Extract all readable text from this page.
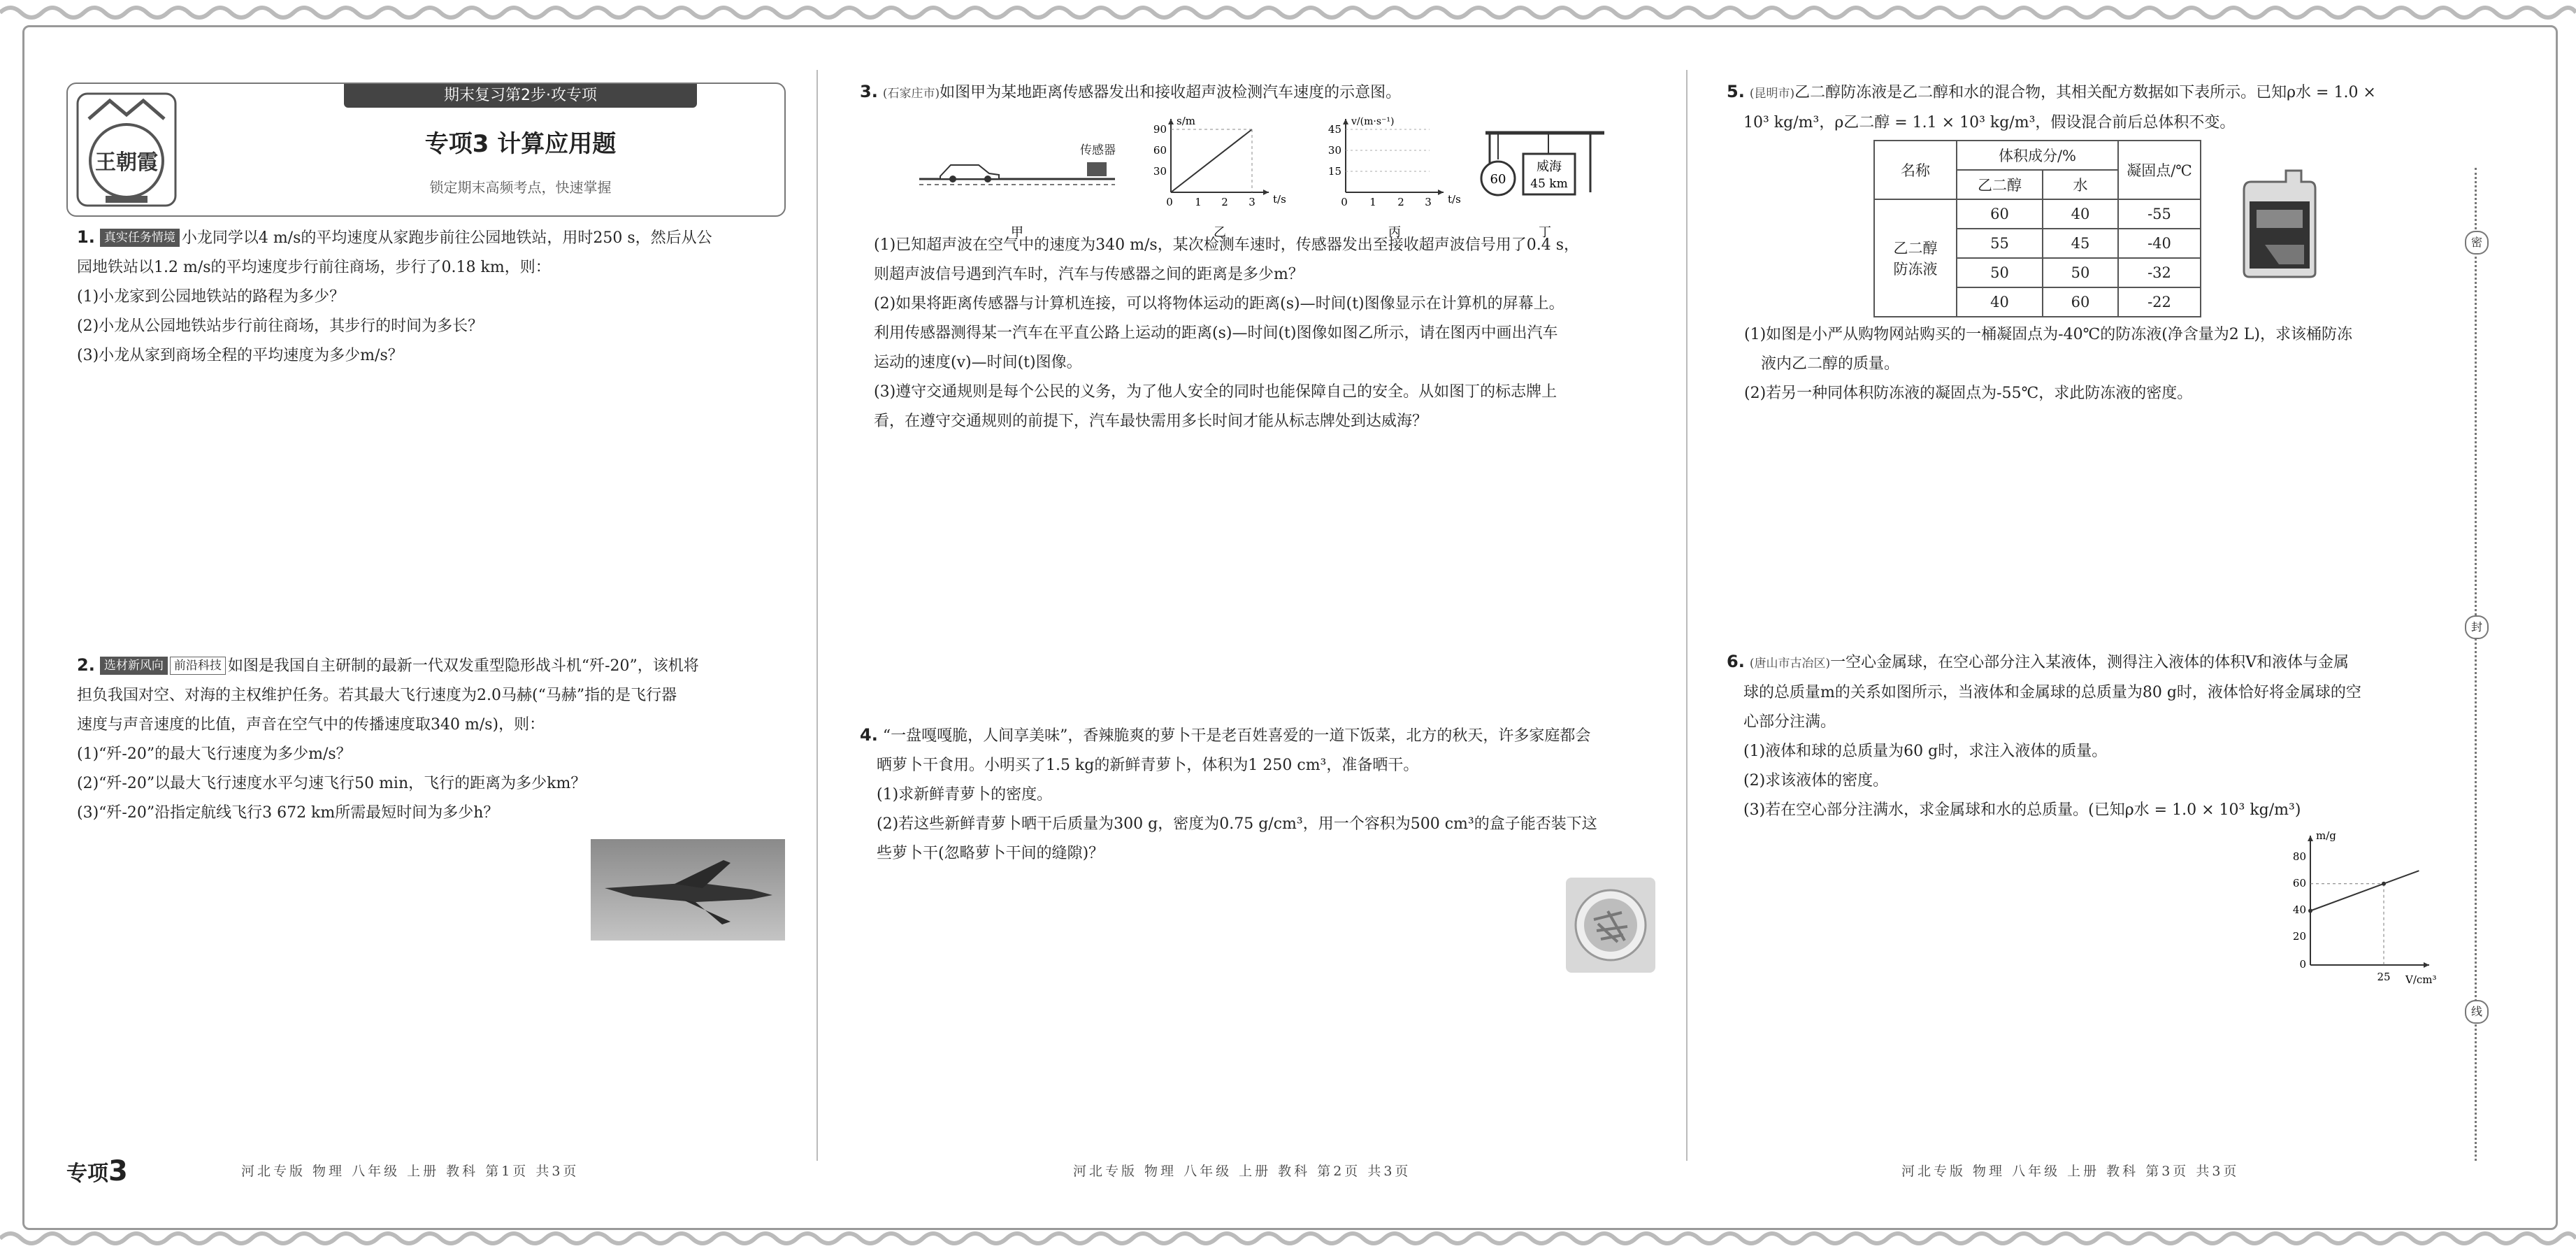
王朝霞
期末复习第2步·攻专项
专项3 计算应用题
锁定期末高频考点，快速掌握

1. 真实任务情境 小龙同学以4 m/s的平均速度从家跑步前往公园地铁站，用时250 s，然后从公

园地铁站以1.2 m/s的平均速度步行前往商场，步行了0.18 km，则：

(1)小龙家到公园地铁站的路程为多少？

(2)小龙从公园地铁站步行前往商场，其步行的时间为多长？

(3)小龙从家到商场全程的平均速度为多少m/s？

2. 选材新风向 前沿科技 如图是我国自主研制的最新一代双发重型隐形战斗机“歼-20”，该机将

担负我国对空、对海的主权维护任务。若其最大飞行速度为2.0马赫(“马赫”指的是飞行器

速度与声音速度的比值，声音在空气中的传播速度取340 m/s)，则：

(1)“歼-20”的最大飞行速度为多少m/s？

(2)“歼-20”以最大飞行速度水平匀速飞行50 min，飞行的距离为多少km？

(3)“歼-20”沿指定航线飞行3 672 km所需最短时间为多少h？

专项3	河北专版 物理 八年级 上册 教科 第1页 共3页

3. (石家庄市)如图甲为某地距离传感器发出和接收超声波检测汽车速度的示意图。

传感器
甲
s/m
t/s
90
60
30
0 1 2 3
乙
v/(m·s⁻¹)
t/s
45
30
15
0 1 2 3
丙
60
威海
45 km
丁

(1)已知超声波在空气中的速度为340 m/s，某次检测车速时，传感器发出至接收超声波信号用了0.4 s，

则超声波信号遇到汽车时，汽车与传感器之间的距离是多少m？

(2)如果将距离传感器与计算机连接，可以将物体运动的距离(s)—时间(t)图像显示在计算机的屏幕上。

利用传感器测得某一汽车在平直公路上运动的距离(s)—时间(t)图像如图乙所示，请在图丙中画出汽车

运动的速度(v)—时间(t)图像。

(3)遵守交通规则是每个公民的义务，为了他人安全的同时也能保障自己的安全。从如图丁的标志牌上

看，在遵守交通规则的前提下，汽车最快需用多长时间才能从标志牌处到达威海？

4. “一盘嘎嘎脆，人间享美味”，香辣脆爽的萝卜干是老百姓喜爱的一道下饭菜，北方的秋天，许多家庭都会

晒萝卜干食用。小明买了1.5 kg的新鲜青萝卜，体积为1 250 cm³，准备晒干。

(1)求新鲜青萝卜的密度。

(2)若这些新鲜青萝卜晒干后质量为300 g，密度为0.75 g/cm³，用一个容积为500 cm³的盒子能否装下这

些萝卜干(忽略萝卜干间的缝隙)？

河北专版 物理 八年级 上册 教科 第2页 共3页

5. (昆明市)乙二醇防冻液是乙二醇和水的混合物，其相关配方数据如下表所示。已知ρ水 = 1.0 ×

10³ kg/m³，ρ乙二醇 = 1.1 × 10³ kg/m³，假设混合前后总体积不变。

名称	体积成分/%		凝固点/℃
	乙二醇	水	
乙二醇
防冻液	60	40	-55
	55	45	-40
	50	50	-32
	40	60	-22

(1)如图是小严从购物网站购买的一桶凝固点为-40℃的防冻液(净含量为2 L)，求该桶防冻

液内乙二醇的质量。

(2)若另一种同体积防冻液的凝固点为-55℃，求此防冻液的密度。

6. (唐山市古冶区)一空心金属球，在空心部分注入某液体，测得注入液体的体积V和液体与金属

球的总质量m的关系如图所示，当液体和金属球的总质量为80 g时，液体恰好将金属球的空

心部分注满。

(1)液体和球的总质量为60 g时，求注入液体的质量。

(2)求该液体的密度。

(3)若在空心部分注满水，求金属球和水的总质量。(已知ρ水 = 1.0 × 10³ kg/m³)

m/g
V/cm³
80
60
40
20
0
25
河北专版 物理 八年级 上册 教科 第3页 共3页
密
封
线
